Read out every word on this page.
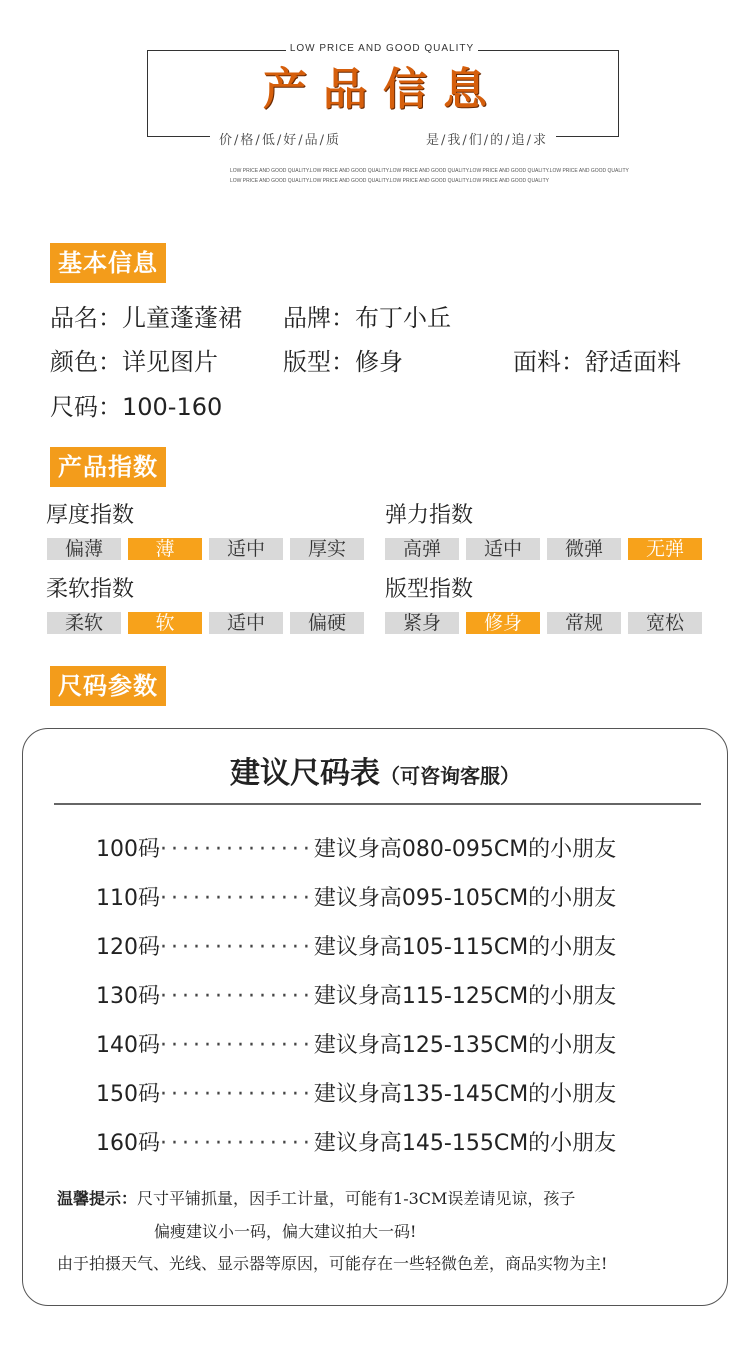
LOW PRICE AND GOOD QUALITY
产品信息
价/格/低/好/品/质	是/我/们/的/追/求
LOW PRICE AND GOOD QUALITY.LOW PRICE AND GOOD QUALITY.LOW PRICE AND GOOD QUALITY.LOW PRICE AND GOOD QUALITY.LOW PRICE AND GOOD QUALITY
LOW PRICE AND GOOD QUALITY.LOW PRICE AND GOOD QUALITY.LOW PRICE AND GOOD QUALITY.LOW PRICE AND GOOD QUALITY
基本信息
品名：儿童蓬蓬裙 品牌：布丁小丘
颜色：详见图片	版型：修身	面料：舒适面料
尺码：100-160
产品指数
厚度指数
偏薄	薄	适中	厚实
弹力指数
高弹	适中	微弹	无弹
柔软指数
柔软	软	适中	偏硬
版型指数
紧身	修身	常规	宽松
尺码参数
建议尺码表（可咨询客服）
100码··············建议身高080-095CM的小朋友
110码··············建议身高095-105CM的小朋友
120码··············建议身高105-115CM的小朋友
130码··············建议身高115-125CM的小朋友
140码··············建议身高125-135CM的小朋友
150码··············建议身高135-145CM的小朋友
160码··············建议身高145-155CM的小朋友
温馨提示：尺寸平铺抓量，因手工计量，可能有1-3CM误差请见谅，孩子
偏瘦建议小一码，偏大建议拍大一码!
由于拍摄天气、光线、显示器等原因，可能存在一些轻微色差，商品实物为主!
